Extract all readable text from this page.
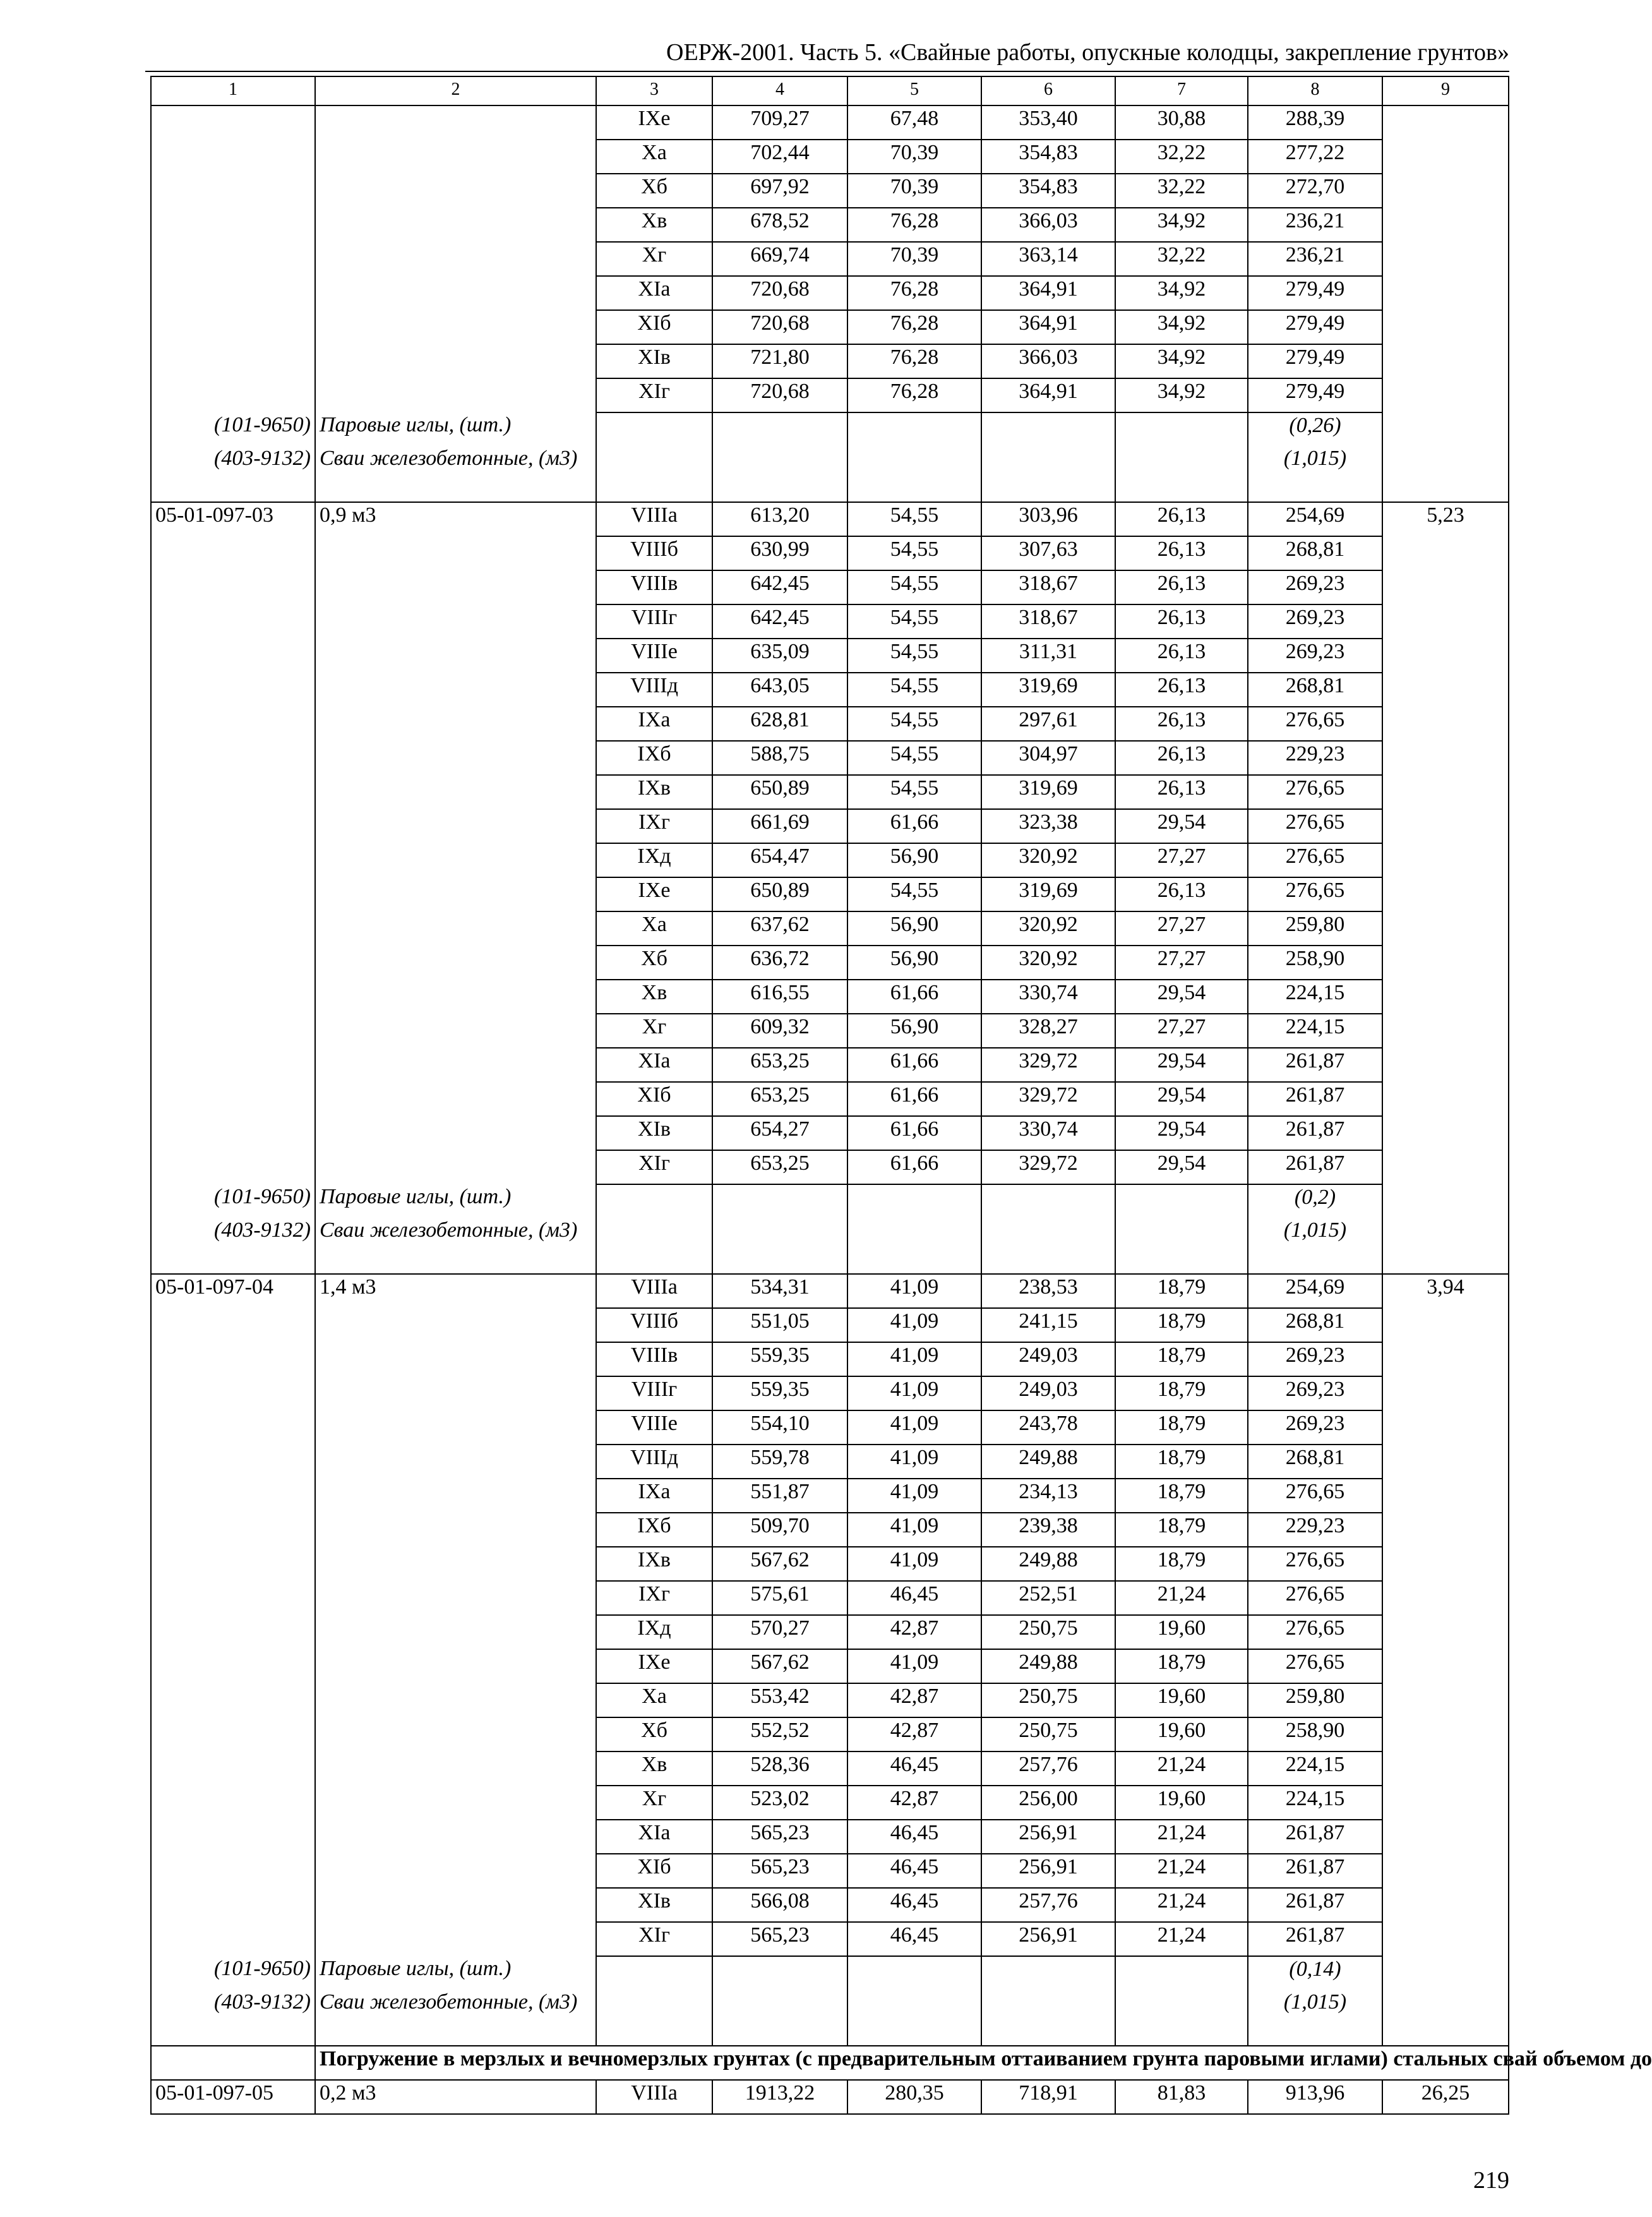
ОЕРЖ-2001. Часть 5. «Свайные работы, опускные колодцы, закрепление грунтов»
1	2	3	4	5	6	7	8	9
		IXе	709,27	67,48	353,40	30,88	288,39	
		Xа	702,44	70,39	354,83	32,22	277,22	
		Xб	697,92	70,39	354,83	32,22	272,70	
		Xв	678,52	76,28	366,03	34,92	236,21	
		Xг	669,74	70,39	363,14	32,22	236,21	
		XIа	720,68	76,28	364,91	34,92	279,49	
		XIб	720,68	76,28	364,91	34,92	279,49	
		XIв	721,80	76,28	366,03	34,92	279,49	
		XIг	720,68	76,28	364,91	34,92	279,49	
(101-9650)	Паровые иглы, (шт.)						(0,26)	
(403-9132)	Сваи железобетонные, (м3)						(1,015)	
05-01-097-03	0,9 м3	VIIIа	613,20	54,55	303,96	26,13	254,69	5,23
		VIIIб	630,99	54,55	307,63	26,13	268,81	
		VIIIв	642,45	54,55	318,67	26,13	269,23	
		VIIIг	642,45	54,55	318,67	26,13	269,23	
		VIIIе	635,09	54,55	311,31	26,13	269,23	
		VIIIд	643,05	54,55	319,69	26,13	268,81	
		IXа	628,81	54,55	297,61	26,13	276,65	
		IXб	588,75	54,55	304,97	26,13	229,23	
		IXв	650,89	54,55	319,69	26,13	276,65	
		IXг	661,69	61,66	323,38	29,54	276,65	
		IXд	654,47	56,90	320,92	27,27	276,65	
		IXе	650,89	54,55	319,69	26,13	276,65	
		Xа	637,62	56,90	320,92	27,27	259,80	
		Xб	636,72	56,90	320,92	27,27	258,90	
		Xв	616,55	61,66	330,74	29,54	224,15	
		Xг	609,32	56,90	328,27	27,27	224,15	
		XIа	653,25	61,66	329,72	29,54	261,87	
		XIб	653,25	61,66	329,72	29,54	261,87	
		XIв	654,27	61,66	330,74	29,54	261,87	
		XIг	653,25	61,66	329,72	29,54	261,87	
(101-9650)	Паровые иглы, (шт.)						(0,2)	
(403-9132)	Сваи железобетонные, (м3)						(1,015)	
05-01-097-04	1,4 м3	VIIIа	534,31	41,09	238,53	18,79	254,69	3,94
		VIIIб	551,05	41,09	241,15	18,79	268,81	
		VIIIв	559,35	41,09	249,03	18,79	269,23	
		VIIIг	559,35	41,09	249,03	18,79	269,23	
		VIIIе	554,10	41,09	243,78	18,79	269,23	
		VIIIд	559,78	41,09	249,88	18,79	268,81	
		IXа	551,87	41,09	234,13	18,79	276,65	
		IXб	509,70	41,09	239,38	18,79	229,23	
		IXв	567,62	41,09	249,88	18,79	276,65	
		IXг	575,61	46,45	252,51	21,24	276,65	
		IXд	570,27	42,87	250,75	19,60	276,65	
		IXе	567,62	41,09	249,88	18,79	276,65	
		Xа	553,42	42,87	250,75	19,60	259,80	
		Xб	552,52	42,87	250,75	19,60	258,90	
		Xв	528,36	46,45	257,76	21,24	224,15	
		Xг	523,02	42,87	256,00	19,60	224,15	
		XIа	565,23	46,45	256,91	21,24	261,87	
		XIб	565,23	46,45	256,91	21,24	261,87	
		XIв	566,08	46,45	257,76	21,24	261,87	
		XIг	565,23	46,45	256,91	21,24	261,87	
(101-9650)	Паровые иглы, (шт.)						(0,14)	
(403-9132)	Сваи железобетонные, (м3)						(1,015)	
	Погружение в мерзлых и вечномерзлых грунтах (с предварительным оттаиванием грунта паровыми иглами) стальных свай объемом до							
05-01-097-05	0,2 м3	VIIIа	1913,22	280,35	718,91	81,83	913,96	26,25
219
